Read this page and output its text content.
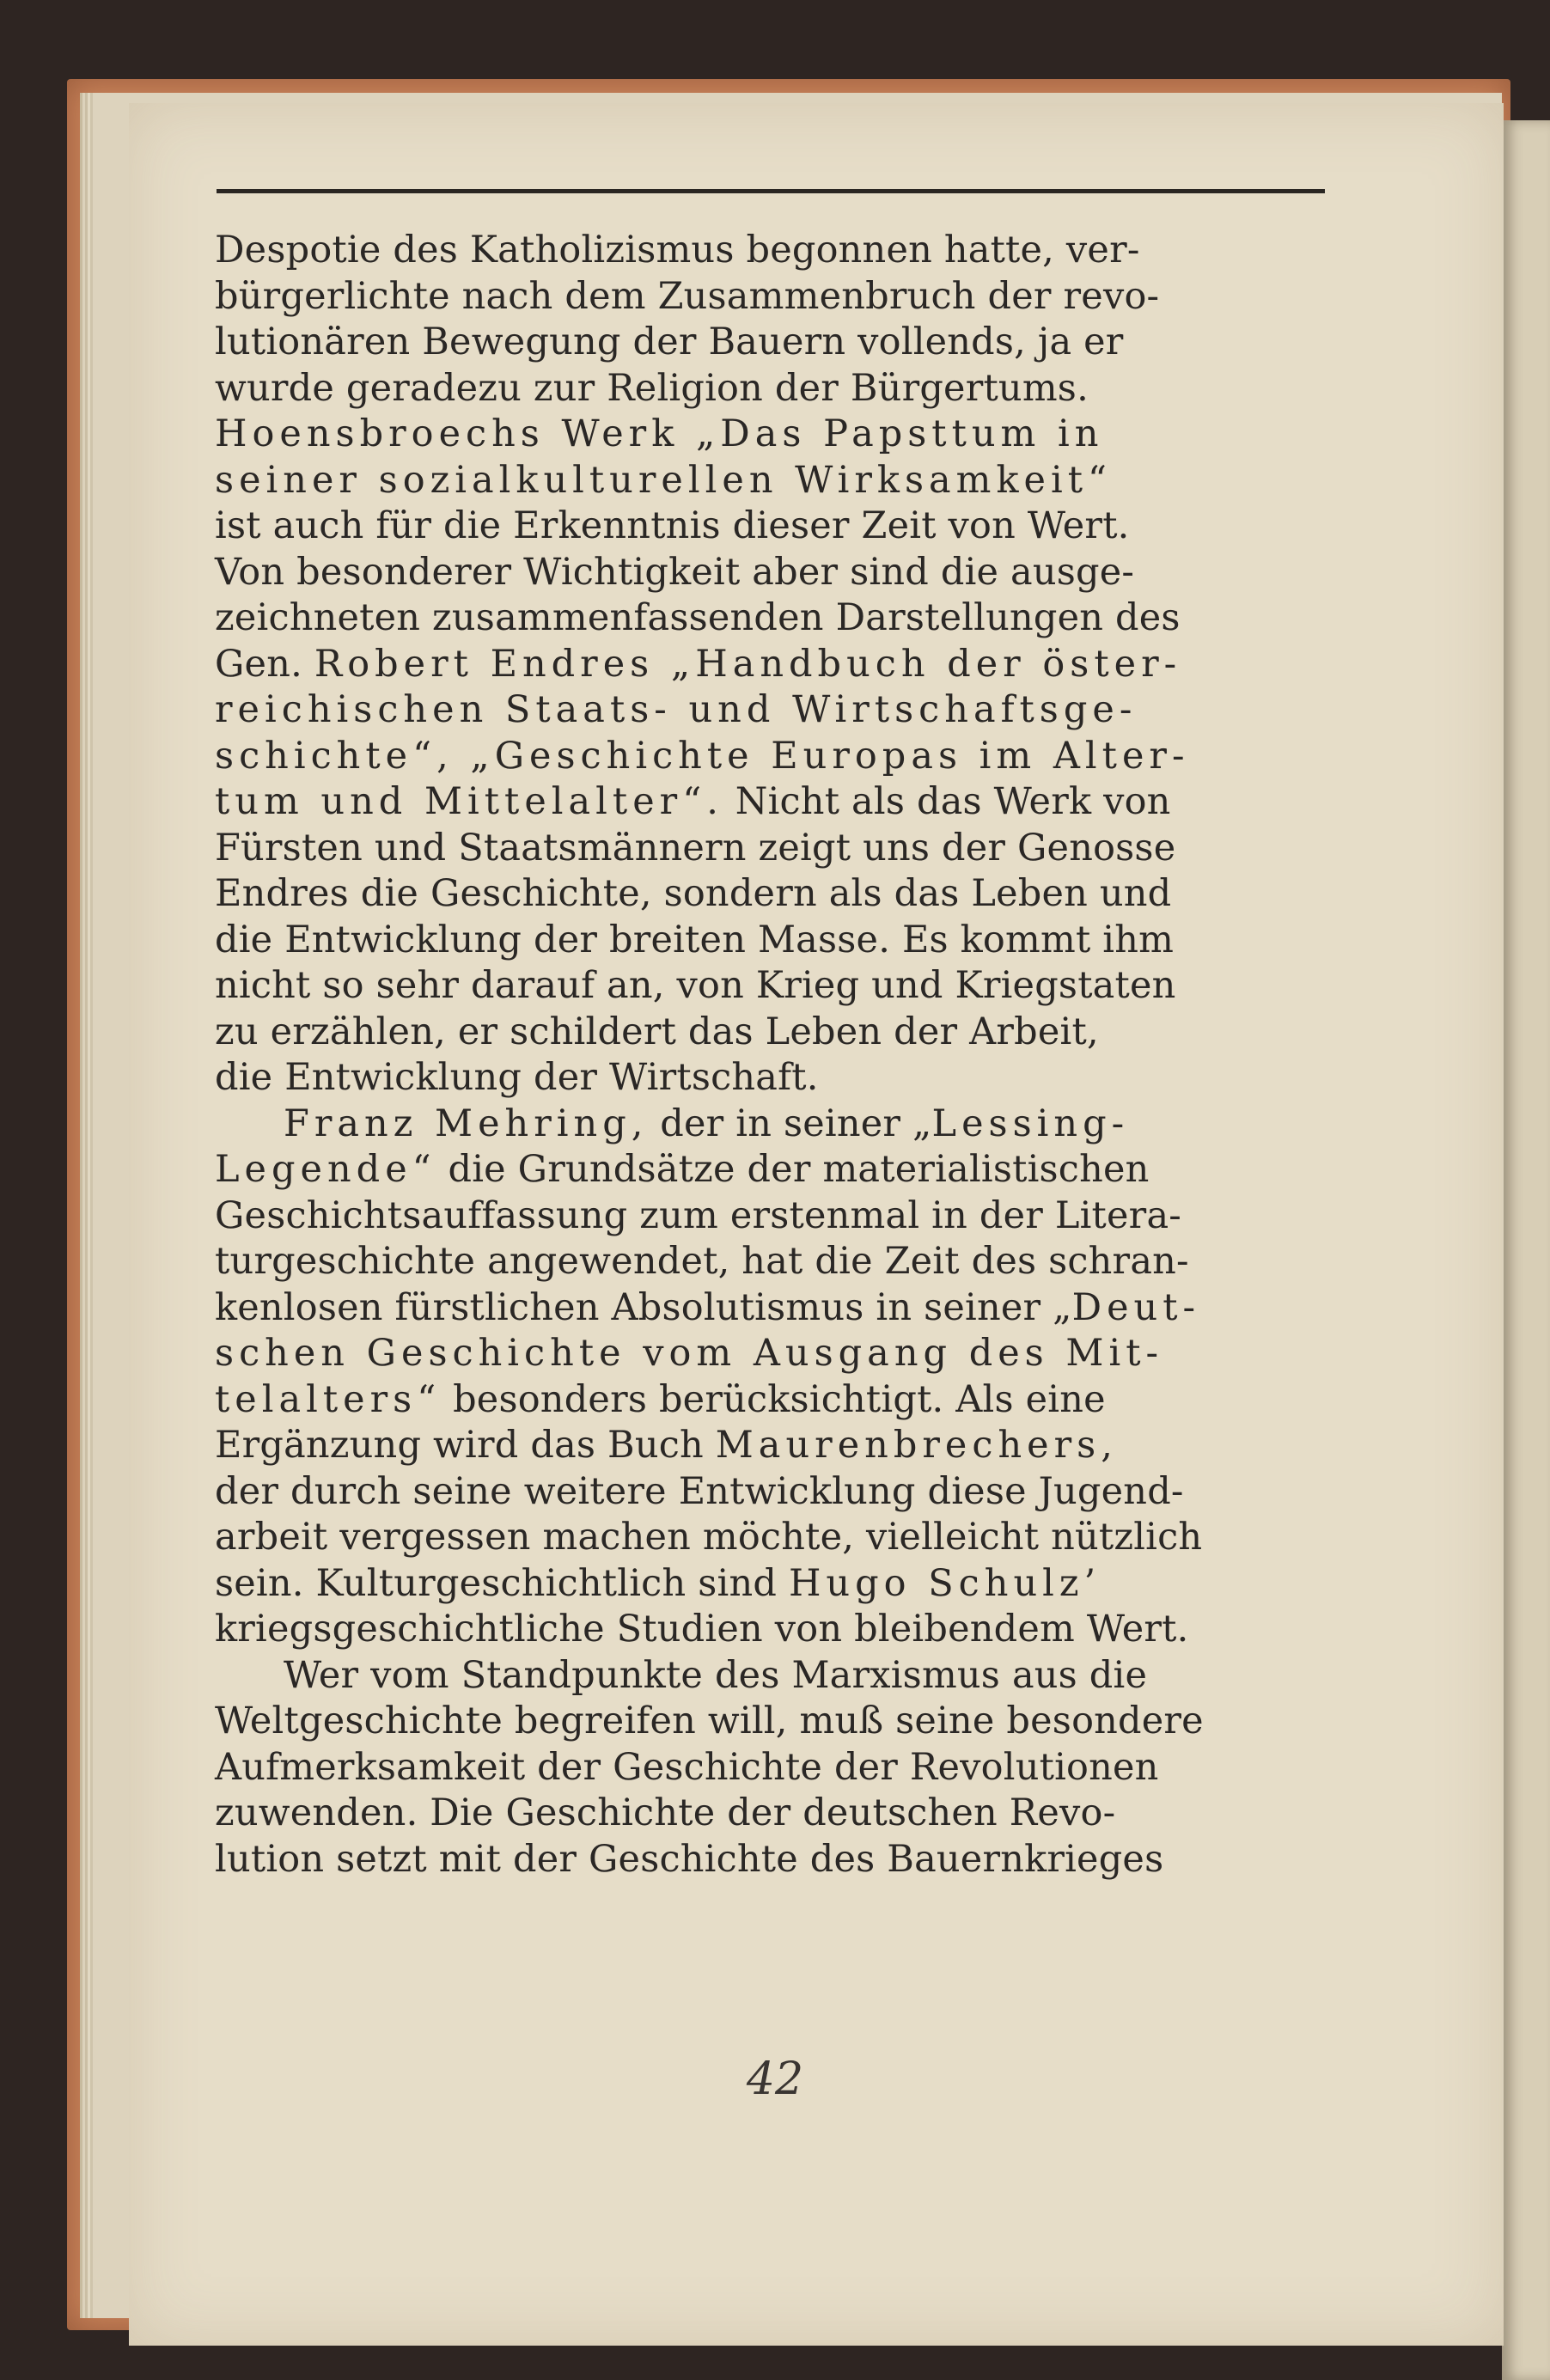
Despotie des Katholizismus begonnen hatte, ver-
bürgerlichte nach dem Zusammenbruch der revo-
lutionären Bewegung der Bauern vollends, ja er
wurde geradezu zur Religion der Bürgertums.
Hoensbroechs Werk „Das Papsttum in
seiner sozialkulturellen Wirksamkeit“
ist auch für die Erkenntnis dieser Zeit von Wert.
Von besonderer Wichtigkeit aber sind die ausge-
zeichneten zusammenfassenden Darstellungen des
Gen. Robert Endres „Handbuch der öster-
reichischen Staats- und Wirtschaftsge-
schichte“, „Geschichte Europas im Alter-
tum und Mittelalter“. Nicht als das Werk von
Fürsten und Staatsmännern zeigt uns der Genosse
Endres die Geschichte, sondern als das Leben und
die Entwicklung der breiten Masse. Es kommt ihm
nicht so sehr darauf an, von Krieg und Kriegstaten
zu erzählen, er schildert das Leben der Arbeit,
die Entwicklung der Wirtschaft.
Franz Mehring, der in seiner „Lessing-
Legende“ die Grundsätze der materialistischen
Geschichtsauffassung zum erstenmal in der Litera-
turgeschichte angewendet, hat die Zeit des schran-
kenlosen fürstlichen Absolutismus in seiner „Deut-
schen Geschichte vom Ausgang des Mit-
telalters“ besonders berücksichtigt. Als eine
Ergänzung wird das Buch Maurenbrechers,
der durch seine weitere Entwicklung diese Jugend-
arbeit vergessen machen möchte, vielleicht nützlich
sein. Kulturgeschichtlich sind Hugo Schulz’
kriegsgeschichtliche Studien von bleibendem Wert.
Wer vom Standpunkte des Marxismus aus die
Weltgeschichte begreifen will, muß seine besondere
Aufmerksamkeit der Geschichte der Revolutionen
zuwenden. Die Geschichte der deutschen Revo-
lution setzt mit der Geschichte des Bauernkrieges
42
